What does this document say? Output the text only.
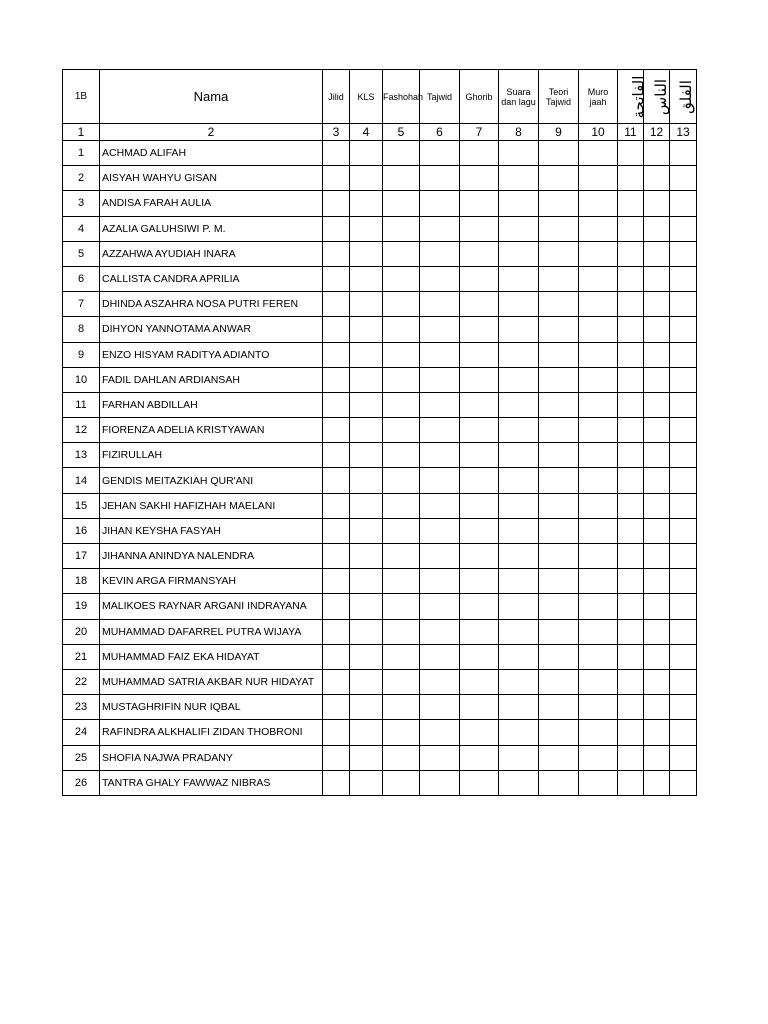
1B	Nama	Jilid	KLS	Fashohah	Tajwid	Ghorib	Suara dan lagu	Teori Tajwid	Muro jaah	الفاتحة	الناس	الفلق
1	2	3	4	5	6	7	8	9	10	11	12	13
1	ACHMAD ALIFAH											
2	AISYAH WAHYU GISAN											
3	ANDISA FARAH AULIA											
4	AZALIA GALUHSIWI P. M.											
5	AZZAHWA AYUDIAH INARA											
6	CALLISTA CANDRA APRILIA											
7	DHINDA ASZAHRA NOSA PUTRI FEREN											
8	DIHYON YANNOTAMA ANWAR											
9	ENZO HISYAM RADITYA ADIANTO											
10	FADIL DAHLAN ARDIANSAH											
11	FARHAN ABDILLAH											
12	FIORENZA ADELIA KRISTYAWAN											
13	FIZIRULLAH											
14	GENDIS MEITAZKIAH QUR'ANI											
15	JEHAN SAKHI HAFIZHAH MAELANI											
16	JIHAN KEYSHA FASYAH											
17	JIHANNA ANINDYA NALENDRA											
18	KEVIN ARGA FIRMANSYAH											
19	MALIKOES RAYNAR ARGANI INDRAYANA											
20	MUHAMMAD DAFARREL PUTRA WIJAYA											
21	MUHAMMAD FAIZ EKA HIDAYAT											
22	MUHAMMAD SATRIA AKBAR NUR HIDAYAT											
23	MUSTAGHRIFIN NUR IQBAL											
24	RAFINDRA ALKHALIFI ZIDAN THOBRONI											
25	SHOFIA NAJWA PRADANY											
26	TANTRA GHALY FAWWAZ NIBRAS											
